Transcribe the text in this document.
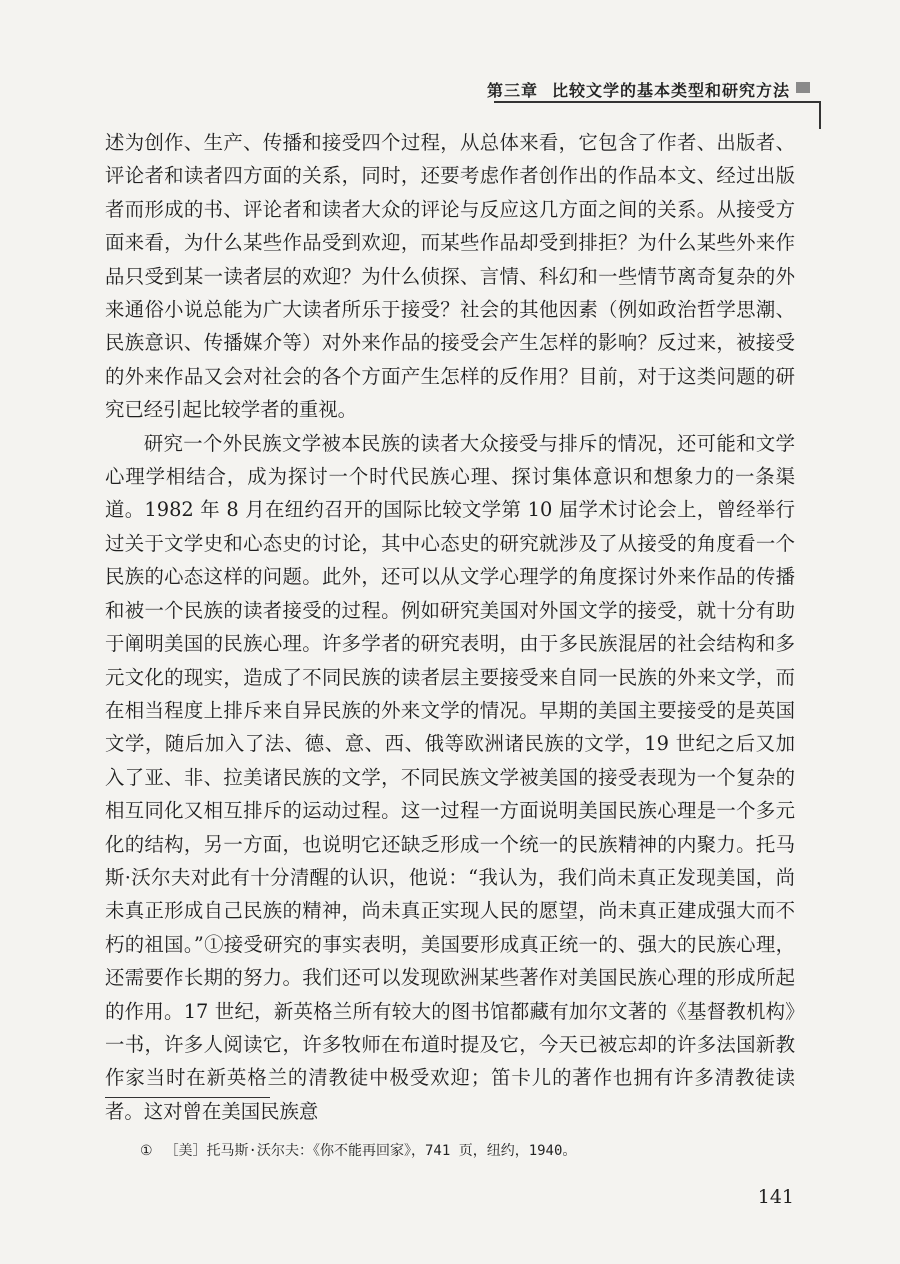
第三章 比较文学的基本类型和研究方法

述为创作、生产、传播和接受四个过程，从总体来看，它包含了作者、出版者、评论者和读者四方面的关系，同时，还要考虑作者创作出的作品本文、经过出版者而形成的书、评论者和读者大众的评论与反应这几方面之间的关系。从接受方面来看，为什么某些作品受到欢迎，而某些作品却受到排拒？为什么某些外来作品只受到某一读者层的欢迎？为什么侦探、言情、科幻和一些情节离奇复杂的外来通俗小说总能为广大读者所乐于接受？社会的其他因素（例如政治哲学思潮、民族意识、传播媒介等）对外来作品的接受会产生怎样的影响？反过来，被接受的外来作品又会对社会的各个方面产生怎样的反作用？目前，对于这类问题的研究已经引起比较学者的重视。

研究一个外民族文学被本民族的读者大众接受与排斥的情况，还可能和文学心理学相结合，成为探讨一个时代民族心理、探讨集体意识和想象力的一条渠道。1982 年 8 月在纽约召开的国际比较文学第 10 届学术讨论会上，曾经举行过关于文学史和心态史的讨论，其中心态史的研究就涉及了从接受的角度看一个民族的心态这样的问题。此外，还可以从文学心理学的角度探讨外来作品的传播和被一个民族的读者接受的过程。例如研究美国对外国文学的接受，就十分有助于阐明美国的民族心理。许多学者的研究表明，由于多民族混居的社会结构和多元文化的现实，造成了不同民族的读者层主要接受来自同一民族的外来文学，而在相当程度上排斥来自异民族的外来文学的情况。早期的美国主要接受的是英国文学，随后加入了法、德、意、西、俄等欧洲诸民族的文学，19 世纪之后又加入了亚、非、拉美诸民族的文学，不同民族文学被美国的接受表现为一个复杂的相互同化又相互排斥的运动过程。这一过程一方面说明美国民族心理是一个多元化的结构，另一方面，也说明它还缺乏形成一个统一的民族精神的内聚力。托马斯·沃尔夫对此有十分清醒的认识，他说：“我认为，我们尚未真正发现美国，尚未真正形成自己民族的精神，尚未真正实现人民的愿望，尚未真正建成强大而不朽的祖国。”①接受研究的事实表明，美国要形成真正统一的、强大的民族心理，还需要作长期的努力。我们还可以发现欧洲某些著作对美国民族心理的形成所起的作用。17 世纪，新英格兰所有较大的图书馆都藏有加尔文著的《基督教机构》一书，许多人阅读它，许多牧师在布道时提及它，今天已被忘却的许多法国新教作家当时在新英格兰的清教徒中极受欢迎；笛卡儿的著作也拥有许多清教徒读者。这对曾在美国民族意

① ［美］托马斯·沃尔夫：《你不能再回家》，741 页，纽约，1940。
141
